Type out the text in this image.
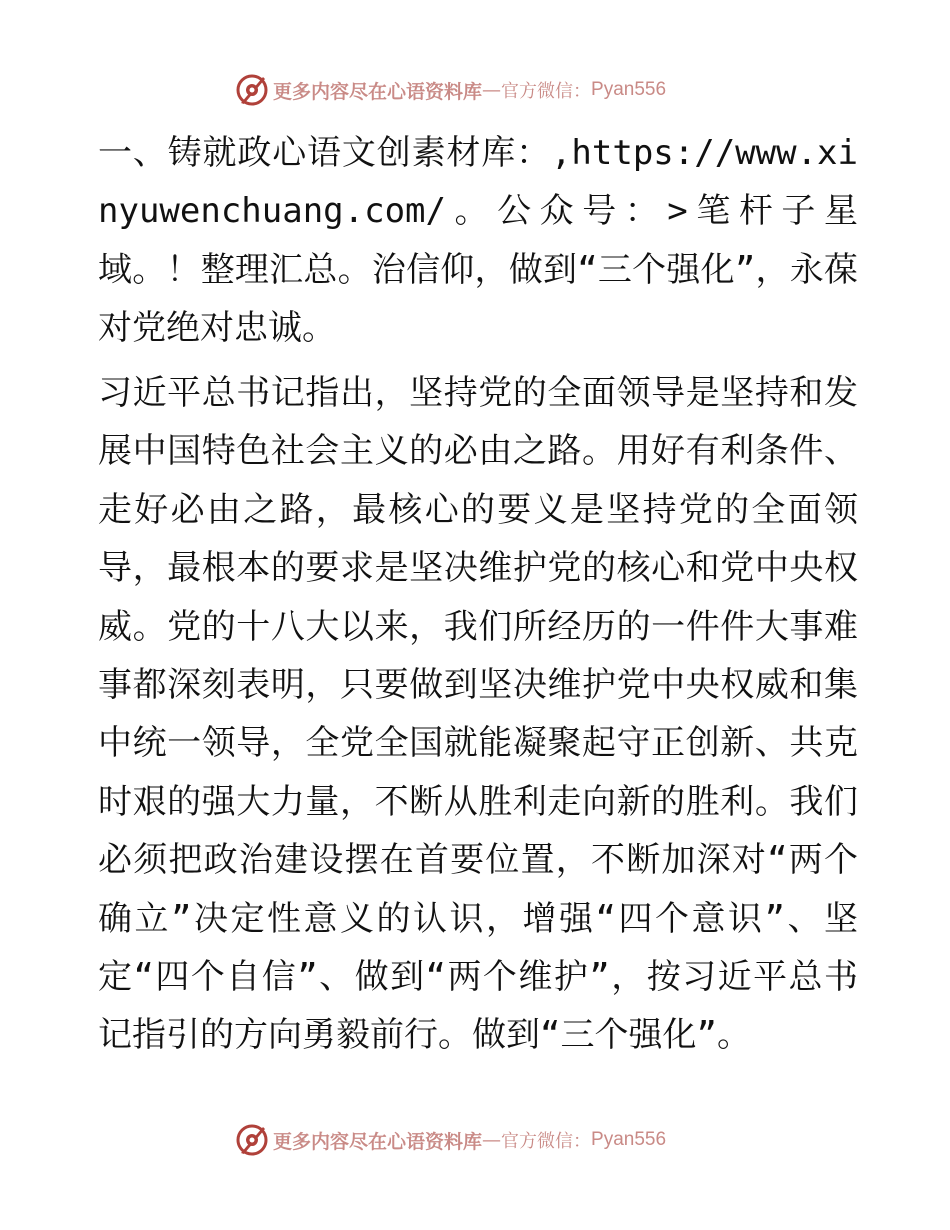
更多内容尽在心语资料库 — 官方微信： Pyan556

一、铸就政心语文创素材库：,https://www.xinyuwenchuang.com/。公众号：>笔杆子星域。！整理汇总。治信仰，做到“三个强化”，永葆对党绝对忠诚。

习近平总书记指出，坚持党的全面领导是坚持和发展中国特色社会主义的必由之路。用好有利条件、走好必由之路，最核心的要义是坚持党的全面领导，最根本的要求是坚决维护党的核心和党中央权威。党的十八大以来，我们所经历的一件件大事难事都深刻表明，只要做到坚决维护党中央权威和集中统一领导，全党全国就能凝聚起守正创新、共克时艰的强大力量，不断从胜利走向新的胜利。我们必须把政治建设摆在首要位置，不断加深对“两个确立”决定性意义的认识，增强“四个意识”、坚定“四个自信”、做到“两个维护”，按习近平总书记指引的方向勇毅前行。做到“三个强化”。

更多内容尽在心语资料库 — 官方微信： Pyan556
